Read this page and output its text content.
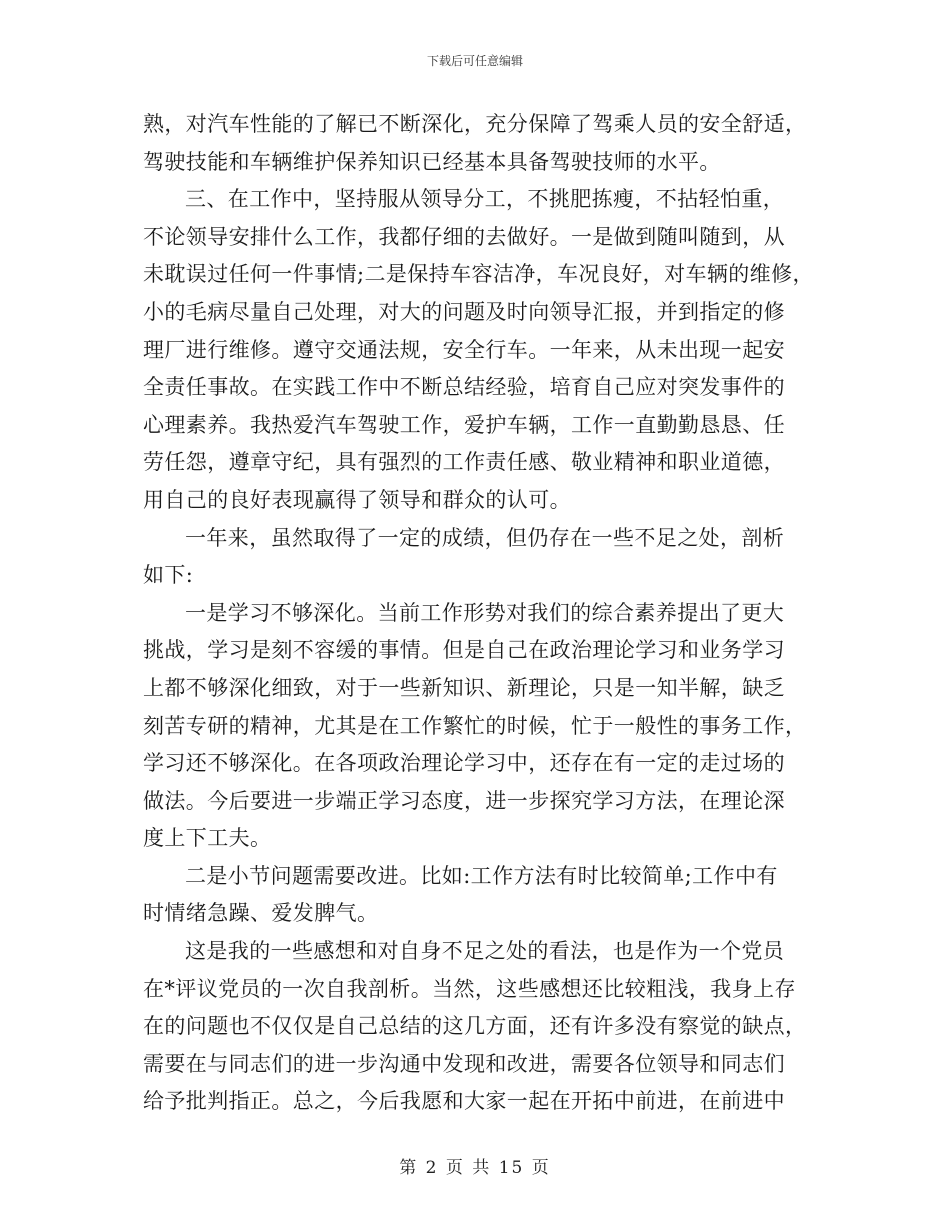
下载后可任意编辑
熟，对汽车性能的了解已不断深化，充分保障了驾乘人员的安全舒适，
驾驶技能和车辆维护保养知识已经基本具备驾驶技师的水平。
三、在工作中，坚持服从领导分工，不挑肥拣瘦，不拈轻怕重，
不论领导安排什么工作，我都仔细的去做好。一是做到随叫随到，从
未耽误过任何一件事情;二是保持车容洁净，车况良好，对车辆的维修，
小的毛病尽量自己处理，对大的问题及时向领导汇报，并到指定的修
理厂进行维修。遵守交通法规，安全行车。一年来，从未出现一起安
全责任事故。在实践工作中不断总结经验，培育自己应对突发事件的
心理素养。我热爱汽车驾驶工作，爱护车辆，工作一直勤勤恳恳、任
劳任怨，遵章守纪，具有强烈的工作责任感、敬业精神和职业道德，
用自己的良好表现赢得了领导和群众的认可。
一年来，虽然取得了一定的成绩，但仍存在一些不足之处，剖析
如下:
一是学习不够深化。当前工作形势对我们的综合素养提出了更大
挑战，学习是刻不容缓的事情。但是自己在政治理论学习和业务学习
上都不够深化细致，对于一些新知识、新理论，只是一知半解，缺乏
刻苦专研的精神，尤其是在工作繁忙的时候，忙于一般性的事务工作，
学习还不够深化。在各项政治理论学习中，还存在有一定的走过场的
做法。今后要进一步端正学习态度，进一步探究学习方法，在理论深
度上下工夫。
二是小节问题需要改进。比如:工作方法有时比较简单;工作中有
时情绪急躁、爱发脾气。
这是我的一些感想和对自身不足之处的看法，也是作为一个党员
在*评议党员的一次自我剖析。当然，这些感想还比较粗浅，我身上存
在的问题也不仅仅是自己总结的这几方面，还有许多没有察觉的缺点，
需要在与同志们的进一步沟通中发现和改进，需要各位领导和同志们
给予批判指正。总之，今后我愿和大家一起在开拓中前进，在前进中
第 2 页 共 15 页
